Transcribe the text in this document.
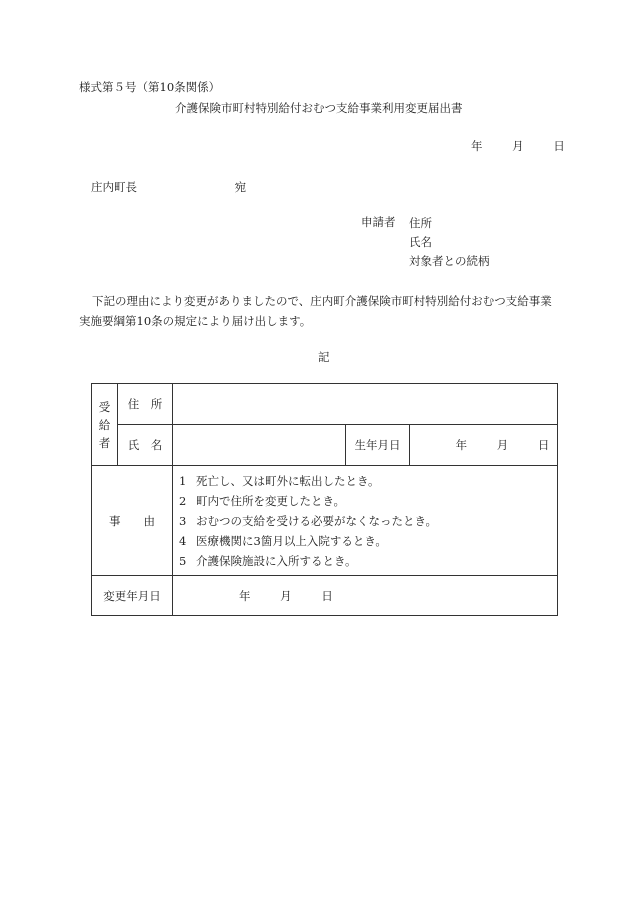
様式第５号（第10条関係）
介護保険市町村特別給付おむつ支給事業利用変更届出書
年	月	日
庄内町長	宛
申請者 住所
氏名
対象者との続柄
下記の理由により変更がありましたので、庄内町介護保険市町村特別給付おむつ支給事業実施要綱第10条の規定により届け出します。
記
受給者	住　所			
	氏　名		生年月日	年 月 日
事　　由		1 死亡し、又は町外に転出したとき。
2 町内で住所を変更したとき。
3 おむつの支給を受ける必要がなくなったとき。
4 医療機関に3箇月以上入院するとき。
5 介護保険施設に入所するとき。		

変更年月日		年 月 日		
